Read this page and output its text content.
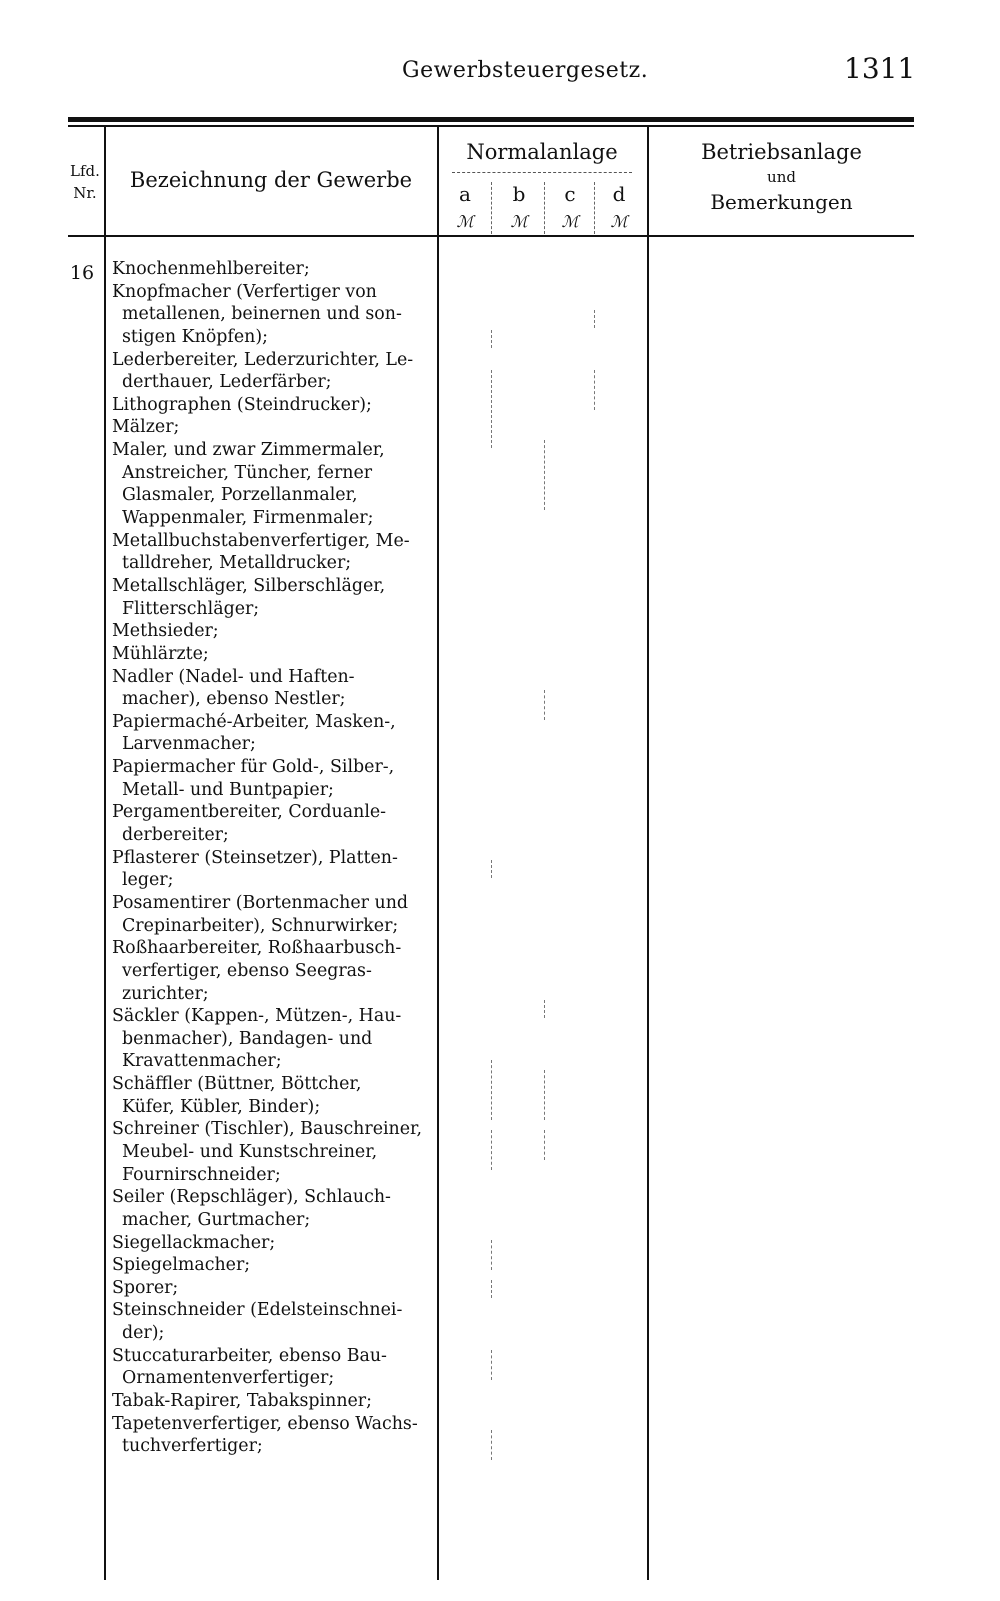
Gewerbsteuergesetz.	1311
Lfd.
Nr.
Bezeichnung der Gewerbe
Normalanlage
a	b	c	d
ℳ	ℳ	ℳ	ℳ
Betriebsanlage
und
Bemerkungen
16	Knochenmehlbereiter;
Knopfmacher (Verfertiger von
metallenen, beinernen und son-
stigen Knöpfen);
Lederbereiter, Lederzurichter, Le-
derthauer, Lederfärber;
Lithographen (Steindrucker);
Mälzer;
Maler, und zwar Zimmermaler,
Anstreicher, Tüncher, ferner
Glasmaler, Porzellanmaler,
Wappenmaler, Firmenmaler;
Metallbuchstabenverfertiger, Me-
talldreher, Metalldrucker;
Metallschläger, Silberschläger,
Flitterschläger;
Methsieder;
Mühlärzte;
Nadler (Nadel- und Haften-
macher), ebenso Nestler;
Papiermaché-Arbeiter, Masken-,
Larvenmacher;
Papiermacher für Gold-, Silber-,
Metall- und Buntpapier;
Pergamentbereiter, Corduanle-
derbereiter;
Pflasterer (Steinsetzer), Platten-
leger;
Posamentirer (Bortenmacher und
Crepinarbeiter), Schnurwirker;
Roßhaarbereiter, Roßhaarbusch-
verfertiger, ebenso Seegras-
zurichter;
Säckler (Kappen-, Mützen-, Hau-
benmacher), Bandagen- und
Kravattenmacher;
Schäffler (Büttner, Böttcher,
Küfer, Kübler, Binder);
Schreiner (Tischler), Bauschreiner,
Meubel- und Kunstschreiner,
Fournirschneider;
Seiler (Repschläger), Schlauch-
macher, Gurtmacher;
Siegellackmacher;
Spiegelmacher;
Sporer;
Steinschneider (Edelsteinschnei-
der);
Stuccaturarbeiter, ebenso Bau-
Ornamentenverfertiger;
Tabak-Rapirer, Tabakspinner;
Tapetenverfertiger, ebenso Wachs-
tuchverfertiger;
